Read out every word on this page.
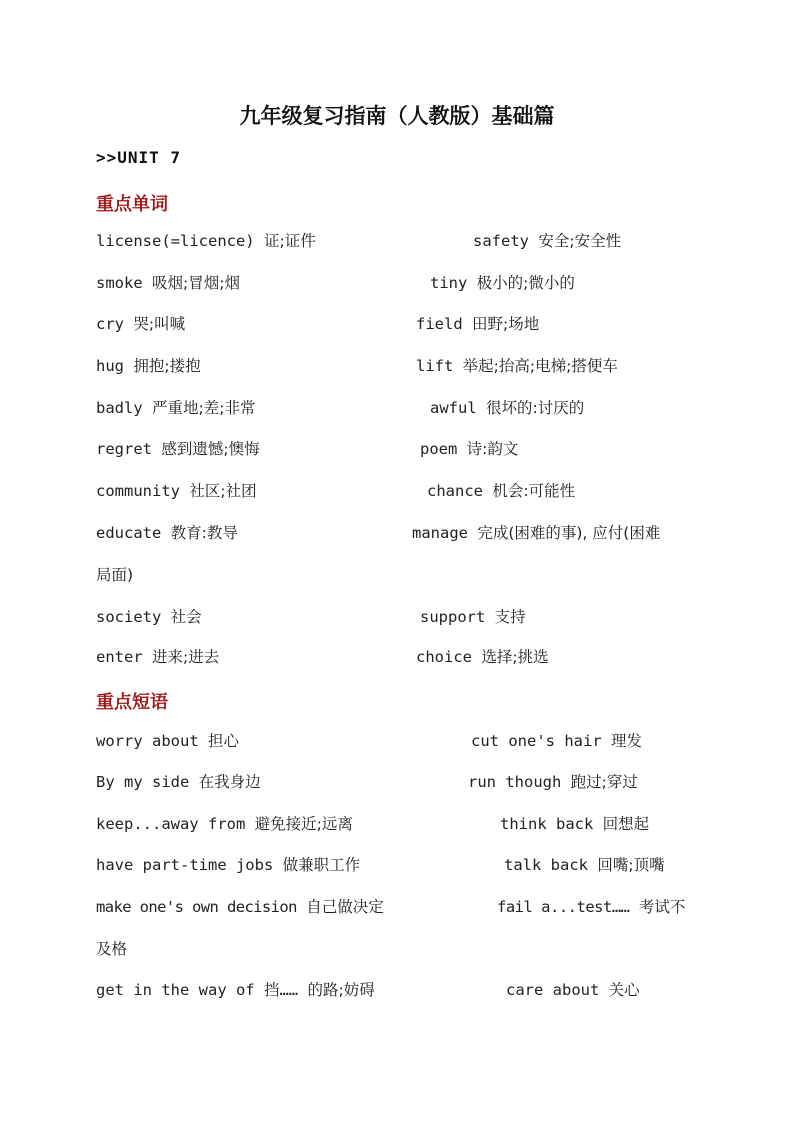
九年级复习指南（人教版）基础篇
>>UNIT 7
重点单词
license(=licence) 证;证件	safety 安全;安全性
smoke 吸烟;冒烟;烟	tiny 极小的;微小的
cry 哭;叫喊	field 田野;场地
hug 拥抱;搂抱	lift 举起;抬高;电梯;搭便车
badly 严重地;差;非常	awful 很坏的:讨厌的
regret 感到遗憾;懊悔	poem 诗:韵文
community 社区;社团	chance 机会:可能性
educate 教育:教导	manage 完成(困难的事), 应付(困难
局面)
society 社会	support 支持
enter 进来;进去	choice 选择;挑选
重点短语
worry about 担心	cut one's hair 理发
By my side 在我身边	run though 跑过;穿过
keep...away from 避免接近;远离	think back 回想起
have part-time jobs 做兼职工作	talk back 回嘴;顶嘴
make one's own decision 自己做决定	fail a...test…… 考试不
及格
get in the way of 挡…… 的路;妨碍	care about 关心
